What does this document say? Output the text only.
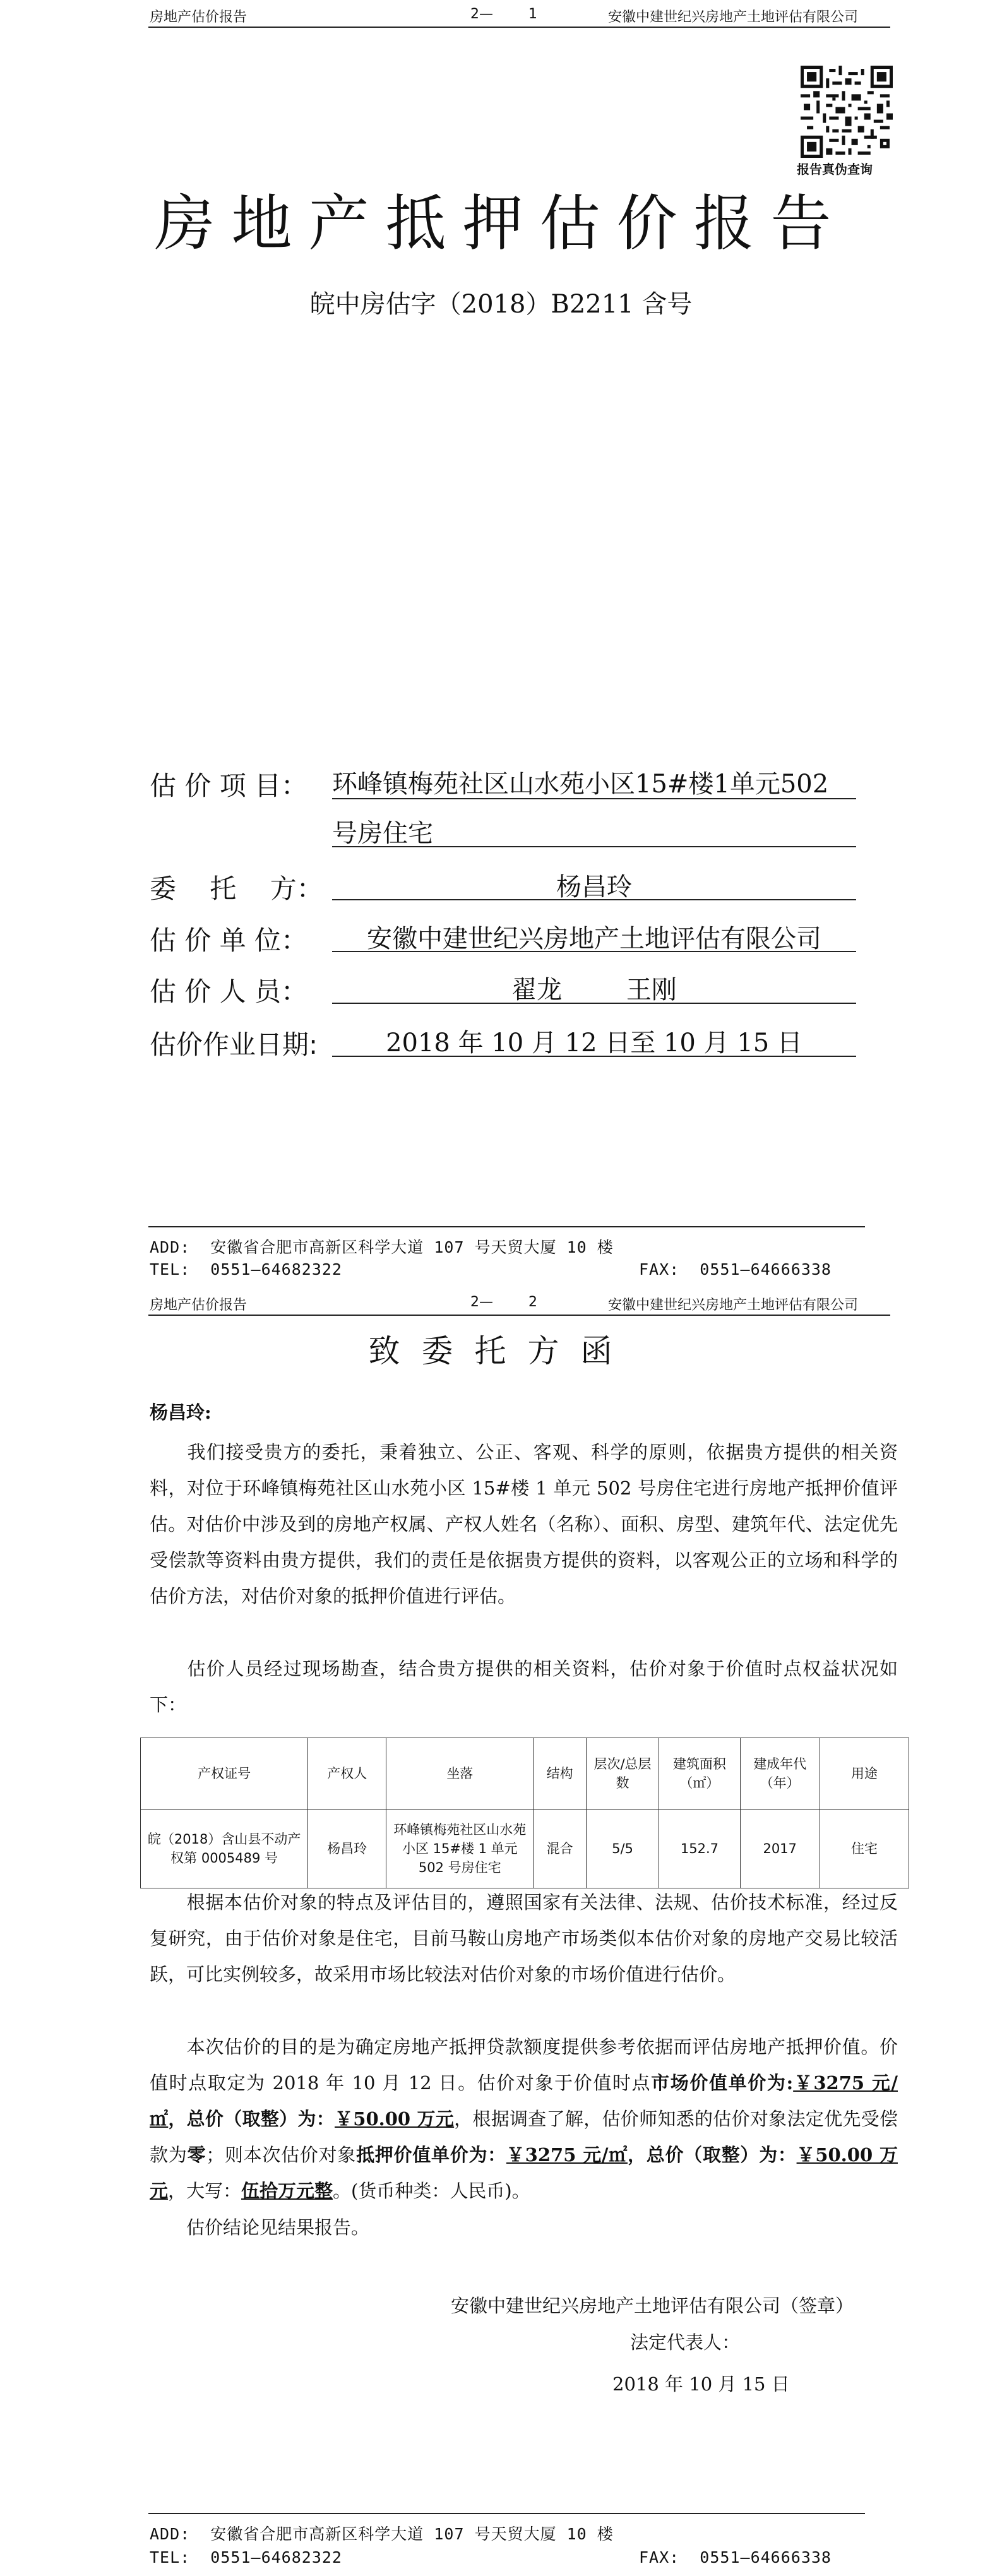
房地产估价报告	2—        1	安徽中建世纪兴房地产土地评估有限公司
报告真伪查询
房地产抵押估价报告
皖中房估字（2018）B2211 含号
估 价 项 目： 环峰镇梅苑社区山水苑小区15#楼1单元502
号房住宅
委    托    方：	杨昌玲
估 价 单 位：	安徽中建世纪兴房地产土地评估有限公司
估 价 人 员：	翟龙        王刚
估价作业日期:	2018 年 10 月 12 日至 10 月 15 日
ADD:  安徽省合肥市高新区科学大道 107 号天贸大厦 10 楼
TEL:  0551—64682322	FAX:  0551—64666338
房地产估价报告	2—        2	安徽中建世纪兴房地产土地评估有限公司
致委托方函
杨昌玲:
我们接受贵方的委托，秉着独立、公正、客观、科学的原则，依据贵方提供的相关资料，对位于环峰镇梅苑社区山水苑小区 15#楼 1 单元 502 号房住宅进行房地产抵押价值评估。对估价中涉及到的房地产权属、产权人姓名（名称）、面积、房型、建筑年代、法定优先受偿款等资料由贵方提供，我们的责任是依据贵方提供的资料，以客观公正的立场和科学的估价方法，对估价对象的抵押价值进行评估。
估价人员经过现场勘查，结合贵方提供的相关资料，估价对象于价值时点权益状况如下：
产权证号	产权人	坐落	结构	层次/总层数	建筑面积（㎡）	建成年代（年）	用途
皖（2018）含山县不动产权第 0005489 号	杨昌玲	环峰镇梅苑社区山水苑小区 15#楼 1 单元 502 号房住宅	混合	5/5	152.7	2017	住宅
根据本估价对象的特点及评估目的，遵照国家有关法律、法规、估价技术标准，经过反复研究，由于估价对象是住宅，目前马鞍山房地产市场类似本估价对象的房地产交易比较活跃，可比实例较多，故采用市场比较法对估价对象的市场价值进行估价。
本次估价的目的是为确定房地产抵押贷款额度提供参考依据而评估房地产抵押价值。价值时点取定为 2018 年 10 月 12 日。估价对象于价值时点市场价值单价为:￥3275 元/㎡，总价（取整）为：￥50.00 万元，根据调查了解，估价师知悉的估价对象法定优先受偿款为零；则本次估价对象抵押价值单价为：￥3275 元/㎡，总价（取整）为：￥50.00 万元，大写：伍拾万元整。(货币种类：人民币)。
估价结论见结果报告。
安徽中建世纪兴房地产土地评估有限公司（签章）
法定代表人：
2018 年 10 月 15 日
ADD:  安徽省合肥市高新区科学大道 107 号天贸大厦 10 楼
TEL:  0551—64682322	FAX:  0551—64666338
